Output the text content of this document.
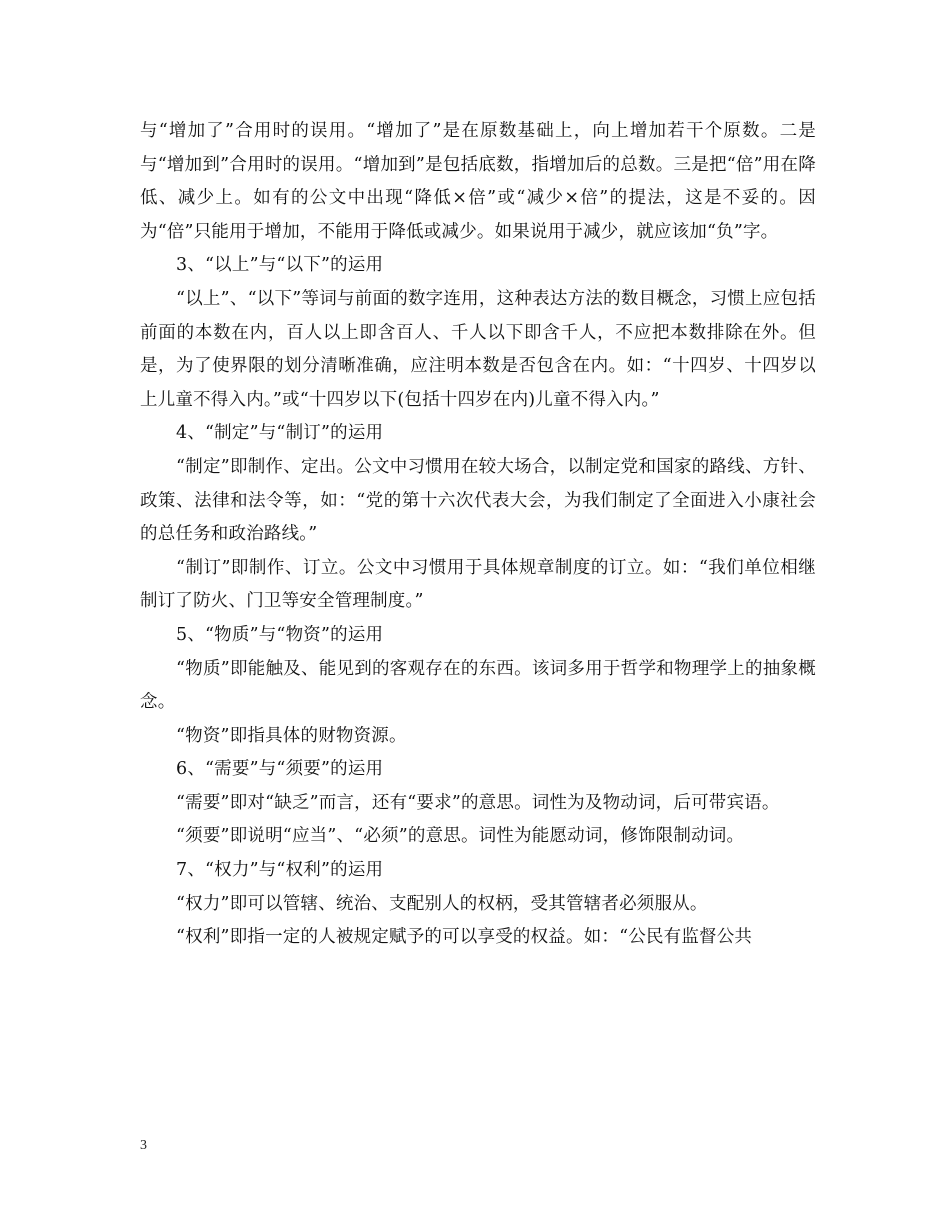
与“增加了”合用时的误用。“增加了”是在原数基础上，向上增加若干个原数。二是与“增加到”合用时的误用。“增加到”是包括底数，指增加后的总数。三是把“倍”用在降低、减少上。如有的公文中出现“降低×倍”或“减少×倍”的提法，这是不妥的。因为“倍”只能用于增加，不能用于降低或减少。如果说用于减少，就应该加“负”字。

3、“以上”与“以下”的运用

“以上”、“以下”等词与前面的数字连用，这种表达方法的数目概念，习惯上应包括前面的本数在内，百人以上即含百人、千人以下即含千人，不应把本数排除在外。但是，为了使界限的划分清晰准确，应注明本数是否包含在内。如：“十四岁、十四岁以上儿童不得入内。”或“十四岁以下(包括十四岁在内)儿童不得入内。”

4、“制定”与“制订”的运用

“制定”即制作、定出。公文中习惯用在较大场合，以制定党和国家的路线、方针、政策、法律和法令等，如：“党的第十六次代表大会，为我们制定了全面进入小康社会的总任务和政治路线。”

“制订”即制作、订立。公文中习惯用于具体规章制度的订立。如：“我们单位相继制订了防火、门卫等安全管理制度。”

5、“物质”与“物资”的运用

“物质”即能触及、能见到的客观存在的东西。该词多用于哲学和物理学上的抽象概念。

“物资”即指具体的财物资源。

6、“需要”与“须要”的运用

“需要”即对“缺乏”而言，还有“要求”的意思。词性为及物动词，后可带宾语。

“须要”即说明“应当”、“必须”的意思。词性为能愿动词，修饰限制动词。

7、“权力”与“权利”的运用

“权力”即可以管辖、统治、支配别人的权柄，受其管辖者必须服从。

“权利”即指一定的人被规定赋予的可以享受的权益。如：“公民有监督公共

3
